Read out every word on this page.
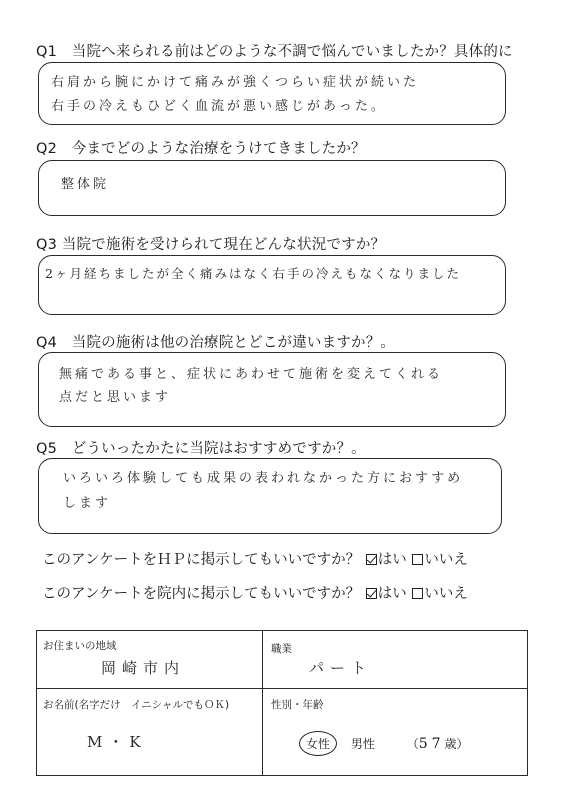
Q1　当院へ来られる前はどのような不調で悩んでいましたか？具体的に
右肩から腕にかけて痛みが強くつらい症状が続いた
右手の冷えもひどく血流が悪い感じがあった。
Q2　今までどのような治療をうけてきましたか？
整体院
Q3 当院で施術を受けられて現在どんな状況ですか？
2ヶ月経ちましたが全く痛みはなく右手の冷えもなくなりました
Q4　当院の施術は他の治療院とどこが違いますか？。
無痛である事と、症状にあわせて施術を変えてくれる
点だと思います
Q5　どういったかたに当院はおすすめですか？。
いろいろ体験しても成果の表われなかった方におすすめ
します
このアンケートをＨＰに掲示してもいいですか？ はい いいえ
このアンケートを院内に掲示してもいいですか？ はい いいえ
お住まいの地域
岡崎市内
職業
パート
お名前(名字だけ　イニシャルでもＯＫ)
M・K
性別・年齢
女性 男性	（57歳）
